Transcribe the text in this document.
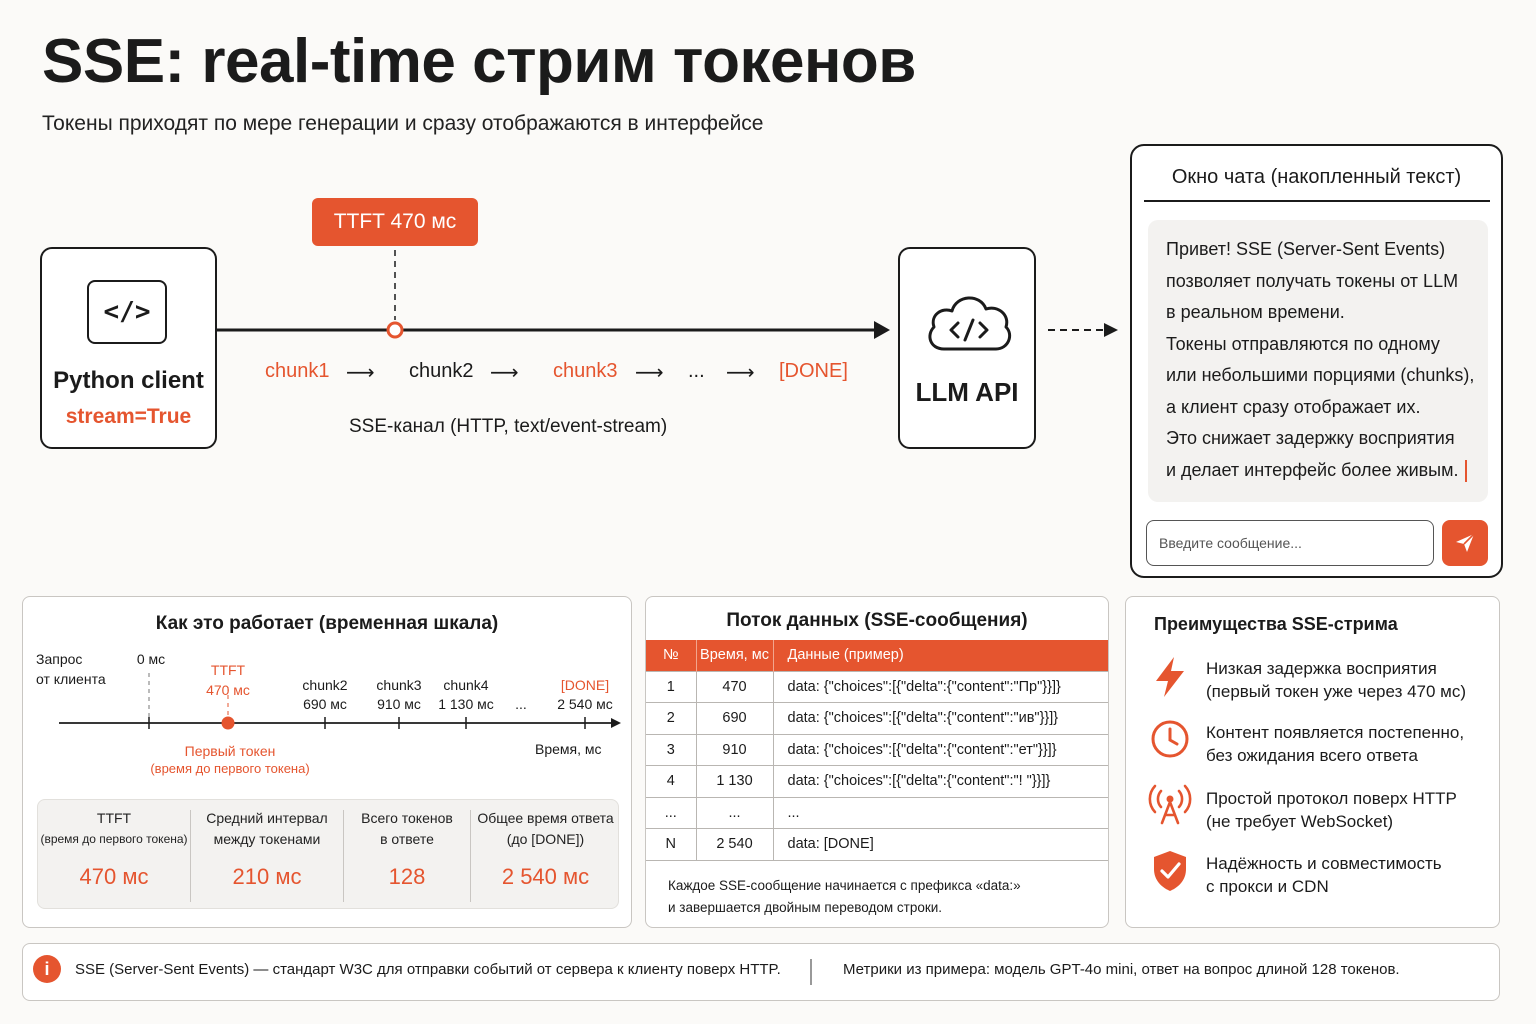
SSE: real-time стрим токенов
Токены приходят по мере генерации и сразу отображаются в интерфейсе
</>
Python client
stream=True
TTFT 470 мс
chunk1 ⟶ chunk2 ⟶ chunk3 ⟶ ... ⟶ [DONE]
SSE-канал (HTTP, text/event-stream)
LLM API
Окно чата (накопленный текст)
Привет! SSE (Server-Sent Events)
позволяет получать токены от LLM
в реальном времени.
Токены отправляются по одному
или небольшими порциями (chunks),
а клиент сразу отображает их.
Это снижает задержку восприятия
и делает интерфейс более живым.
Введите сообщение...
Как это работает (временная шкала)
Запрос
от клиента
0 мс
TTFT
470 мс	chunk2
690 мс
chunk3
910 мс
chunk4
1 130 мс	...
[DONE]
2 540 мс
Первый токен
(время до первого токена)
Время, мс
TTFT
(время до первого токена)
470 мс
Средний интервал
между токенами
210 мс
Всего токенов
в ответе
128
Общее время ответа
(до [DONE])
2 540 мс
Поток данных (SSE-сообщения)
№	Время, мс	Данные (пример)
1	470	data: {"choices":[{"delta":{"content":"Пр"}}]}
2	690	data: {"choices":[{"delta":{"content":"ив"}}]}
3	910	data: {"choices":[{"delta":{"content":"ет"}}]}
4	1 130	data: {"choices":[{"delta":{"content":"! "}}]}
...	...	...
N	2 540	data: [DONE]
Каждое SSE-сообщение начинается с префикса «data:»
и завершается двойным переводом строки.
Преимущества SSE-стрима
Низкая задержка восприятия
(первый токен уже через 470 мс)
Контент появляется постепенно,
без ожидания всего ответа
Простой протокол поверх HTTP
(не требует WebSocket)
Надёжность и совместимость
с прокси и CDN
i	SSE (Server-Sent Events) — стандарт W3C для отправки событий от сервера к клиенту поверх HTTP.	Метрики из примера: модель GPT-4o mini, ответ на вопрос длиной 128 токенов.
